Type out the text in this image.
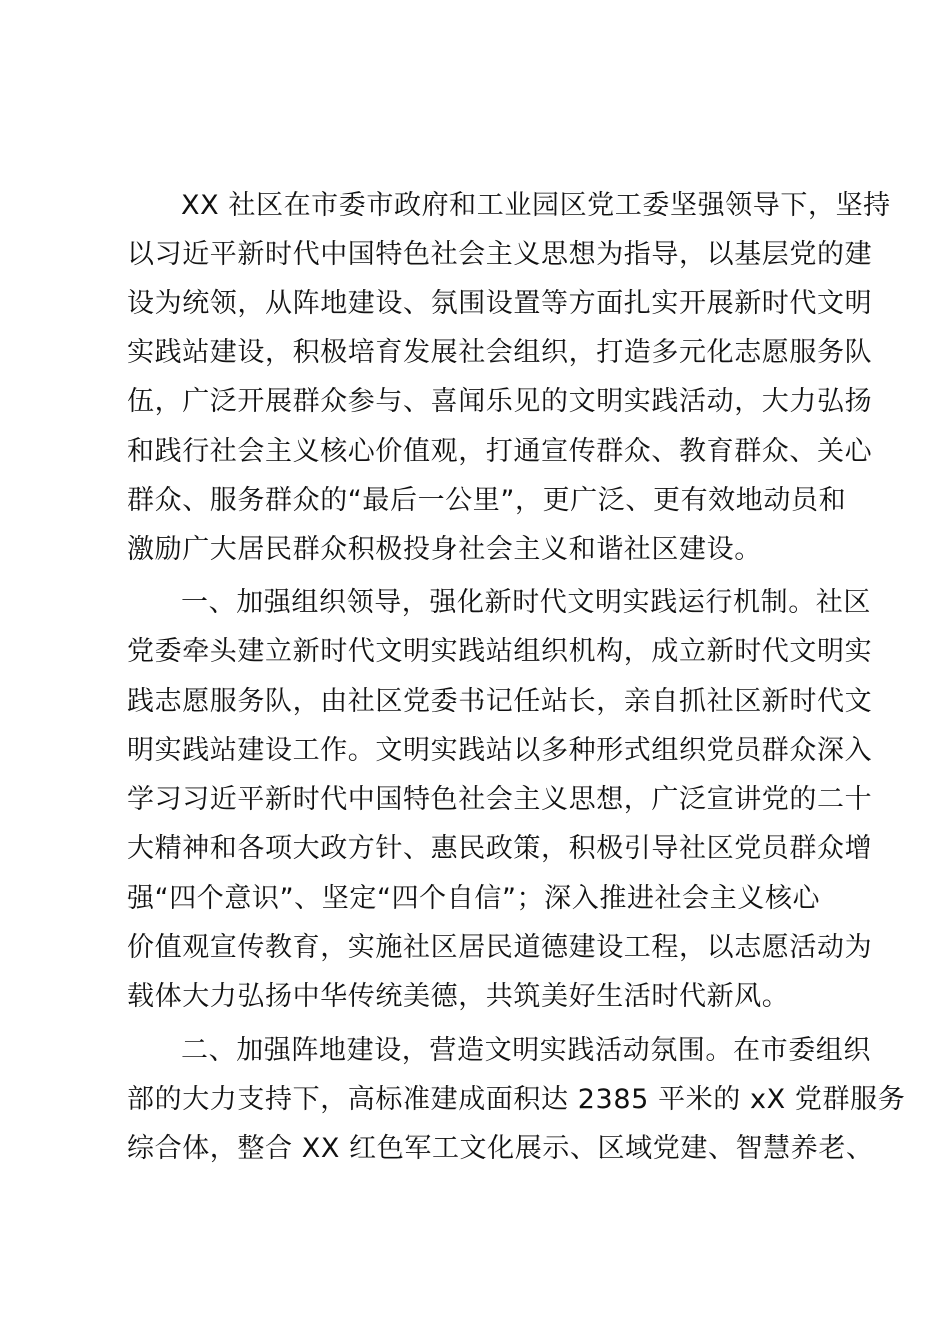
XX 社区在市委市政府和工业园区党工委坚强领导下，坚持
以习近平新时代中国特色社会主义思想为指导，以基层党的建
设为统领，从阵地建设、氛围设置等方面扎实开展新时代文明
实践站建设，积极培育发展社会组织，打造多元化志愿服务队
伍，广泛开展群众参与、喜闻乐见的文明实践活动，大力弘扬
和践行社会主义核心价值观，打通宣传群众、教育群众、关心
群众、服务群众的“最后一公里”，更广泛、更有效地动员和
激励广大居民群众积极投身社会主义和谐社区建设。
一、加强组织领导，强化新时代文明实践运行机制。社区
党委牵头建立新时代文明实践站组织机构，成立新时代文明实
践志愿服务队，由社区党委书记任站长，亲自抓社区新时代文
明实践站建设工作。文明实践站以多种形式组织党员群众深入
学习习近平新时代中国特色社会主义思想，广泛宣讲党的二十
大精神和各项大政方针、惠民政策，积极引导社区党员群众增
强“四个意识”、坚定“四个自信”；深入推进社会主义核心
价值观宣传教育，实施社区居民道德建设工程，以志愿活动为
载体大力弘扬中华传统美德，共筑美好生活时代新风。
二、加强阵地建设，营造文明实践活动氛围。在市委组织
部的大力支持下，高标准建成面积达 2385 平米的 xX 党群服务
综合体，整合 XX 红色军工文化展示、区域党建、智慧养老、
